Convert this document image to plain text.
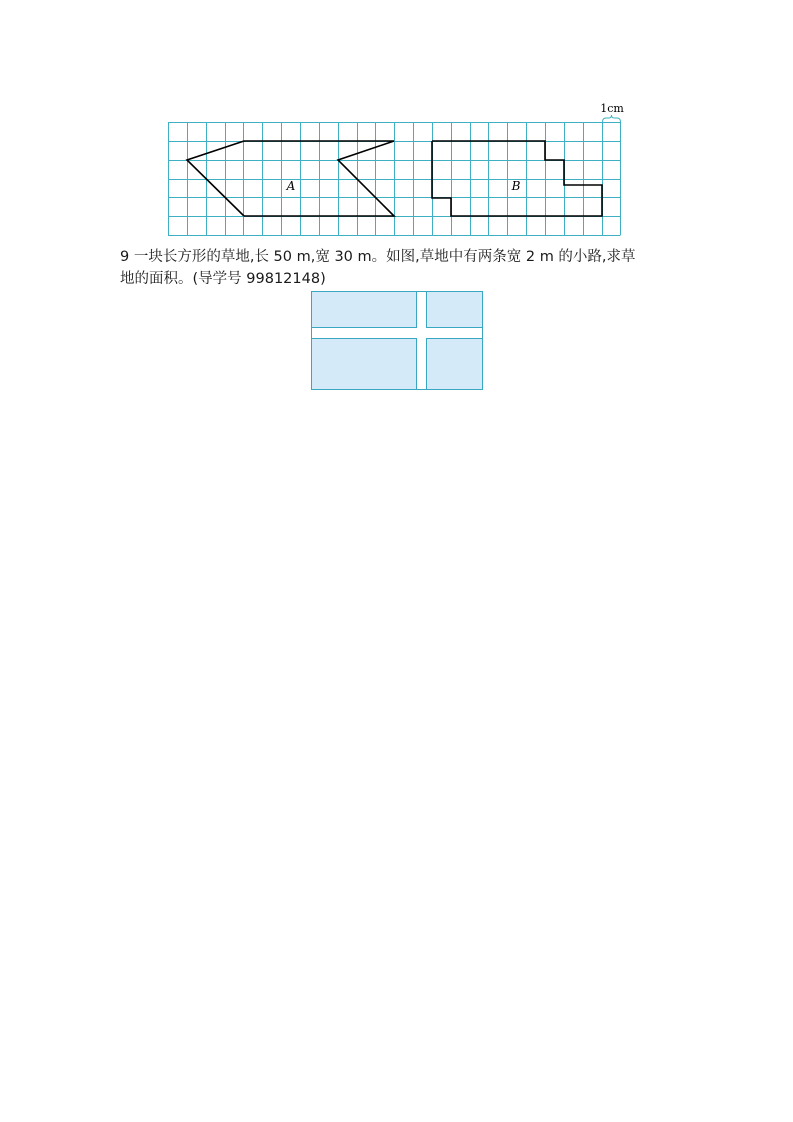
1cm
A	B

9 一块长方形的草地,长 50 m,宽 30 m。如图,草地中有两条宽 2 m 的小路,求草

地的面积。(导学号 99812148)
